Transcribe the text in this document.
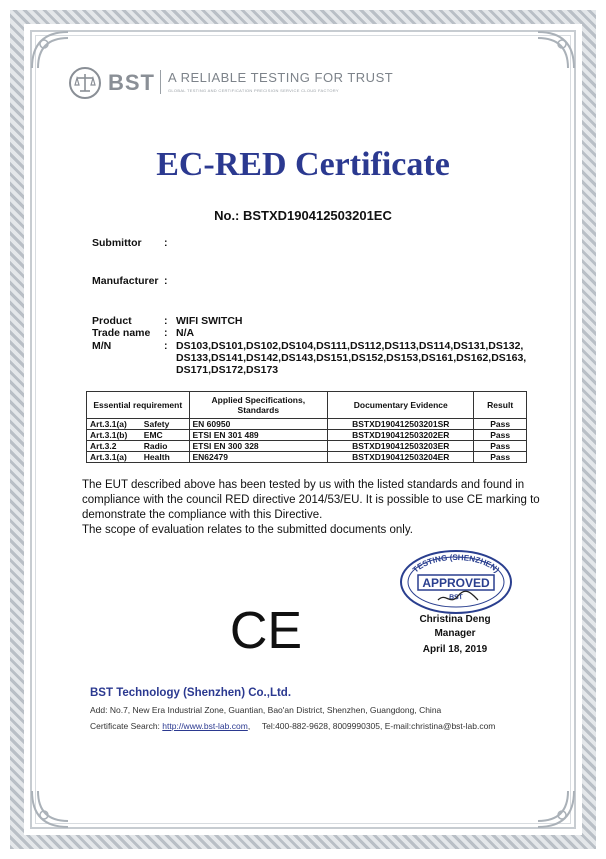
BST A RELIABLE TESTING FOR TRUST
GLOBAL TESTING AND CERTIFICATION PRECISION SERVICE CLOUD FACTORY
EC-RED Certificate
No.: BSTXD190412503201EC
Submittor :
Manufacturer :
Product	: WIFI SWITCH
Trade name : N/A
M/N	: DS103,DS101,DS102,DS104,DS111,DS112,DS113,DS114,DS131,DS132,
DS133,DS141,DS142,DS143,DS151,DS152,DS153,DS161,DS162,DS163,
DS171,DS172,DS173
Essential requirement		Applied Specifications,
Standards	Documentary Evidence	Result
Art.3.1(a)	Safety	EN 60950	BSTXD190412503201SR	Pass
Art.3.1(b)	EMC	ETSI EN 301 489	BSTXD190412503202ER	Pass
Art.3.2	Radio	ETSI EN 300 328	BSTXD190412503203ER	Pass
Art.3.1(a)	Health	EN62479	BSTXD190412503204ER	Pass
The EUT described above has been tested by us with the listed standards and found in
compliance with the council RED directive 2014/53/EU. It is possible to use CE marking to
demonstrate the compliance with this Directive.
The scope of evaluation relates to the submitted documents only.
CE
TESTING (SHENZHEN)
APPROVED
BST
Christina Deng
Manager
April 18, 2019
BST Technology (Shenzhen) Co.,Ltd.
Add: No.7, New Era Industrial Zone, Guantian, Bao'an District, Shenzhen, Guangdong, China
Certificate Search: http://www.bst-lab.com,     Tel:400-882-9628, 8009990305, E-mail:christina@bst-lab.com
